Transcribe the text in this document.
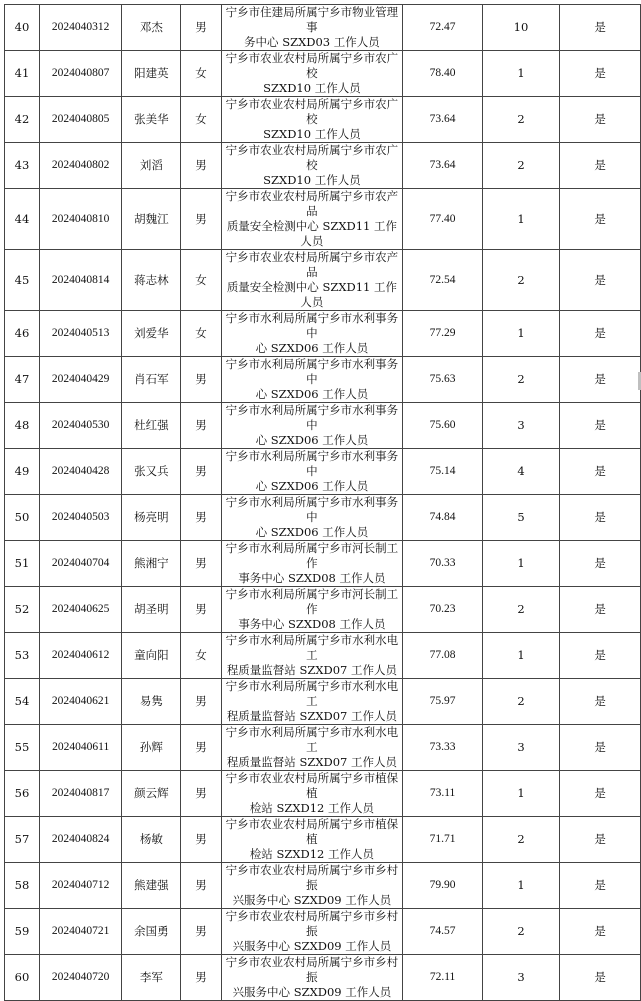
40	2024040312	邓杰	男	宁乡市住建局所属宁乡市物业管理事
务中心 SZXD03 工作人员	72.47	10	是
41	2024040807	阳建英	女	宁乡市农业农村局所属宁乡市农广校
SZXD10 工作人员	78.40	1	是
42	2024040805	张美华	女	宁乡市农业农村局所属宁乡市农广校
SZXD10 工作人员	73.64	2	是
43	2024040802	刘滔	男	宁乡市农业农村局所属宁乡市农广校
SZXD10 工作人员	73.64	2	是
44	2024040810	胡魏江	男	宁乡市农业农村局所属宁乡市农产品
质量安全检测中心 SZXD11 工作人员	77.40	1	是
45	2024040814	蒋志林	女	宁乡市农业农村局所属宁乡市农产品
质量安全检测中心 SZXD11 工作人员	72.54	2	是
46	2024040513	刘爱华	女	宁乡市水利局所属宁乡市水利事务中
心 SZXD06 工作人员	77.29	1	是
47	2024040429	肖石军	男	宁乡市水利局所属宁乡市水利事务中
心 SZXD06 工作人员	75.63	2	是
48	2024040530	杜红强	男	宁乡市水利局所属宁乡市水利事务中
心 SZXD06 工作人员	75.60	3	是
49	2024040428	张又兵	男	宁乡市水利局所属宁乡市水利事务中
心 SZXD06 工作人员	75.14	4	是
50	2024040503	杨亮明	男	宁乡市水利局所属宁乡市水利事务中
心 SZXD06 工作人员	74.84	5	是
51	2024040704	熊湘宁	男	宁乡市水利局所属宁乡市河长制工作
事务中心 SZXD08 工作人员	70.33	1	是
52	2024040625	胡圣明	男	宁乡市水利局所属宁乡市河长制工作
事务中心 SZXD08 工作人员	70.23	2	是
53	2024040612	童向阳	女	宁乡市水利局所属宁乡市水利水电工
程质量监督站 SZXD07 工作人员	77.08	1	是
54	2024040621	易隽	男	宁乡市水利局所属宁乡市水利水电工
程质量监督站 SZXD07 工作人员	75.97	2	是
55	2024040611	孙辉	男	宁乡市水利局所属宁乡市水利水电工
程质量监督站 SZXD07 工作人员	73.33	3	是
56	2024040817	颜云辉	男	宁乡市农业农村局所属宁乡市植保植
检站 SZXD12 工作人员	73.11	1	是
57	2024040824	杨敏	男	宁乡市农业农村局所属宁乡市植保植
检站 SZXD12 工作人员	71.71	2	是
58	2024040712	熊建强	男	宁乡市农业农村局所属宁乡市乡村振
兴服务中心 SZXD09 工作人员	79.90	1	是
59	2024040721	余国勇	男	宁乡市农业农村局所属宁乡市乡村振
兴服务中心 SZXD09 工作人员	74.57	2	是
60	2024040720	李军	男	宁乡市农业农村局所属宁乡市乡村振
兴服务中心 SZXD09 工作人员	72.11	3	是
